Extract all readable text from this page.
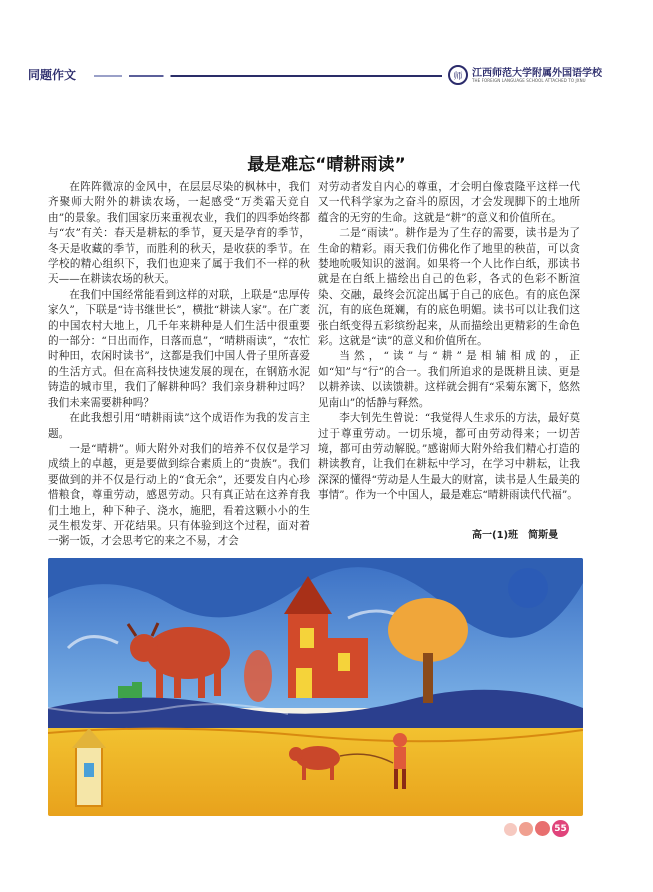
同题作文	师 江西师范大学附属外国语学校
THE FOREIGN LANGUAGE SCHOOL ATTACHED TO JXNU
最是难忘“晴耕雨读”

在阵阵微凉的金风中，在层层尽染的枫林中，我们齐聚师大附外的耕读农场，一起感受“万类霜天竞自由”的景象。我们国家历来重视农业，我们的四季始终都与“农”有关：春天是耕耘的季节，夏天是孕育的季节，冬天是收藏的季节，而胜利的秋天，是收获的季节。在学校的精心组织下，我们也迎来了属于我们不一样的秋天——在耕读农场的秋天。

在我们中国经常能看到这样的对联，上联是“忠厚传家久”，下联是“诗书继世长”，横批“耕读人家”。在广袤的中国农村大地上，几千年来耕种是人们生活中很重要的一部分：“日出而作，日落而息”，“晴耕雨读”，“农忙时种田，农闲时读书”，这都是我们中国人骨子里所喜爱的生活方式。但在高科技快速发展的现在，在钢筋水泥铸造的城市里，我们了解耕种吗？我们亲身耕种过吗？我们未来需要耕种吗？

在此我想引用“晴耕雨读”这个成语作为我的发言主题。

一是“晴耕”。师大附外对我们的培养不仅仅是学习成绩上的卓越，更是要做到综合素质上的“贵族”。我们要做到的并不仅是行动上的“食无余”，还要发自内心珍惜粮食，尊重劳动，感恩劳动。只有真正站在这养育我们土地上，种下种子、浇水，施肥，看着这颗小小的生灵生根发芽、开花结果。只有体验到这个过程，面对着一粥一饭，才会思考它的来之不易，才会

对劳动者发自内心的尊重，才会明白像袁隆平这样一代又一代科学家为之奋斗的原因，才会发现脚下的土地所蕴含的无穷的生命。这就是“耕”的意义和价值所在。

二是“雨读”。耕作是为了生存的需要，读书是为了生命的精彩。雨天我们仿佛化作了地里的秧苗，可以贪婪地吮吸知识的滋润。如果将一个人比作白纸，那读书就是在白纸上描绘出自己的色彩，各式的色彩不断渲染、交融，最终会沉淀出属于自己的底色。有的底色深沉，有的底色斑斓，有的底色明媚。读书可以让我们这张白纸变得五彩缤纷起来，从而描绘出更精彩的生命色彩。这就是“读”的意义和价值所在。

当然，“读”与“耕”是相辅相成的，正如“知”与“行”的合一。我们所追求的是既耕且读、更是以耕养读、以读馈耕。这样就会拥有“采菊东篱下，悠然见南山”的恬静与释然。

李大钊先生曾说：“我觉得人生求乐的方法，最好莫过于尊重劳动。一切乐境，都可由劳动得来；一切苦境，都可由劳动解脱。”感谢师大附外给我们精心打造的耕读教育，让我们在耕耘中学习，在学习中耕耘，让我深深的懂得“劳动是人生最大的财富，读书是人生最美的事情”。作为一个中国人，最是难忘“晴耕雨读代代福”。

高一(1)班　简斯曼
55
